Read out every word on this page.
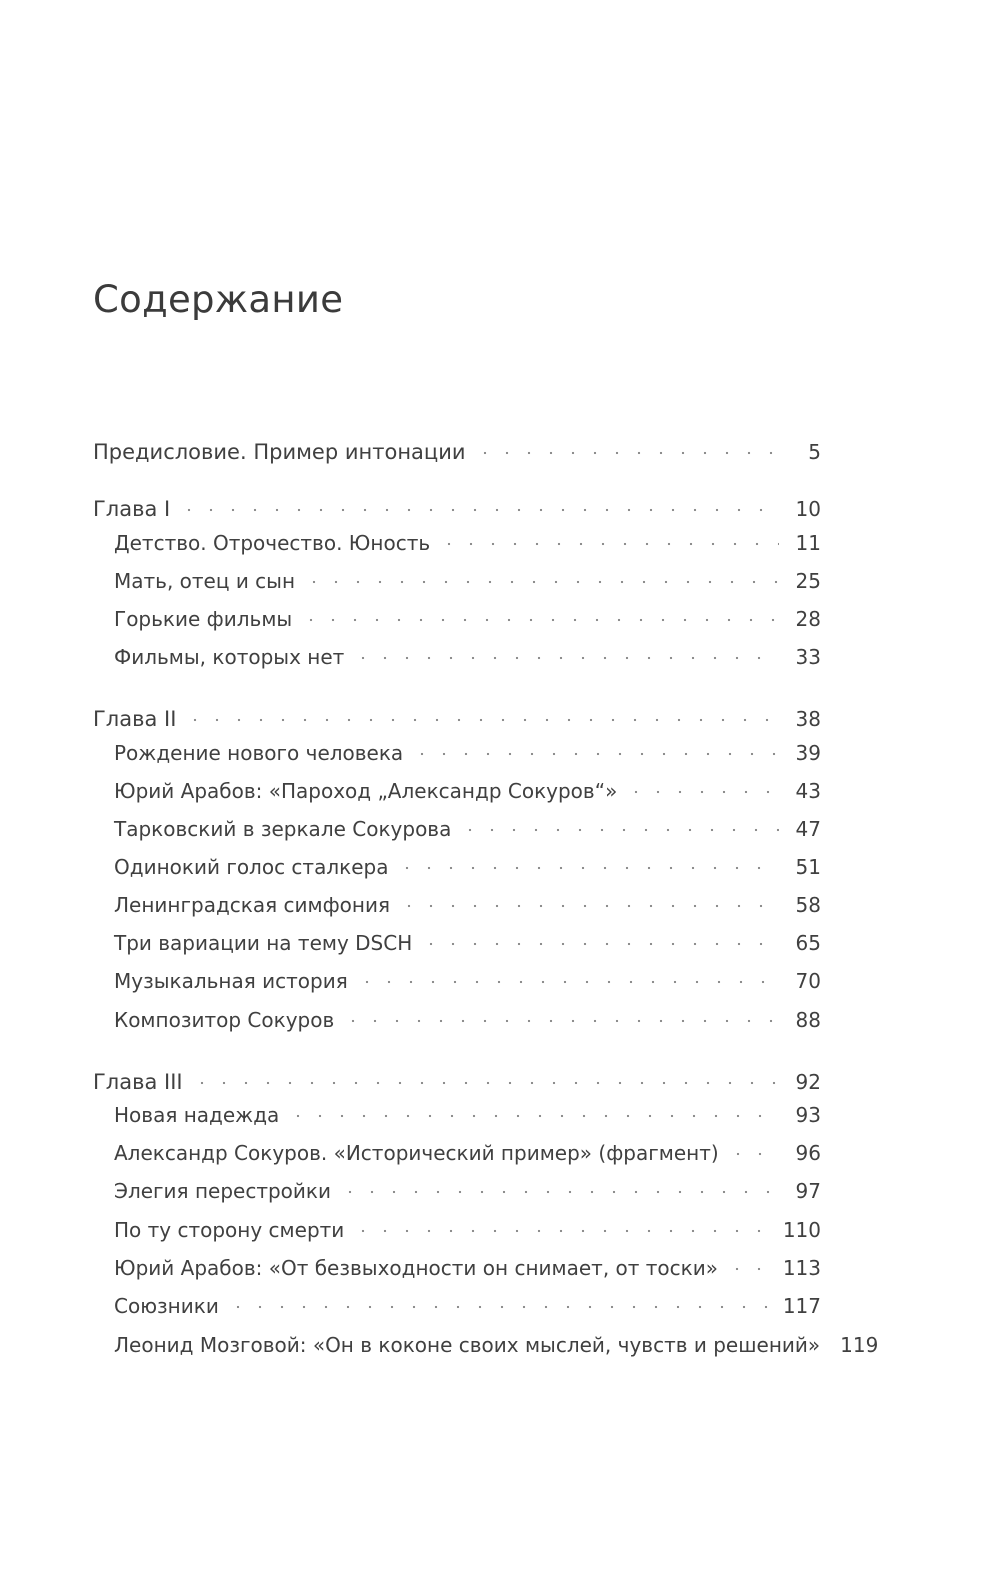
Содержание
Предисловие. Пример интонации	5
Глава I	10
Детство. Отрочество. Юность	11
Мать, отец и сын	25
Горькие фильмы	28
Фильмы, которых нет	33
Глава II	38
Рождение нового человека	39
Юрий Арабов: «Пароход „Александр Сокуров“»	43
Тарковский в зеркале Сокурова	47
Одинокий голос сталкера	51
Ленинградская симфония	58
Три вариации на тему DSCH	65
Музыкальная история	70
Композитор Сокуров	88
Глава III	92
Новая надежда	93
Александр Сокуров. «Исторический пример» (фрагмент)	96
Элегия перестройки	97
По ту сторону смерти	110
Юрий Арабов: «От безвыходности он снимает, от тоски»	113
Союзники	117
Леонид Мозговой: «Он в коконе своих мыслей, чувств и решений» 119
